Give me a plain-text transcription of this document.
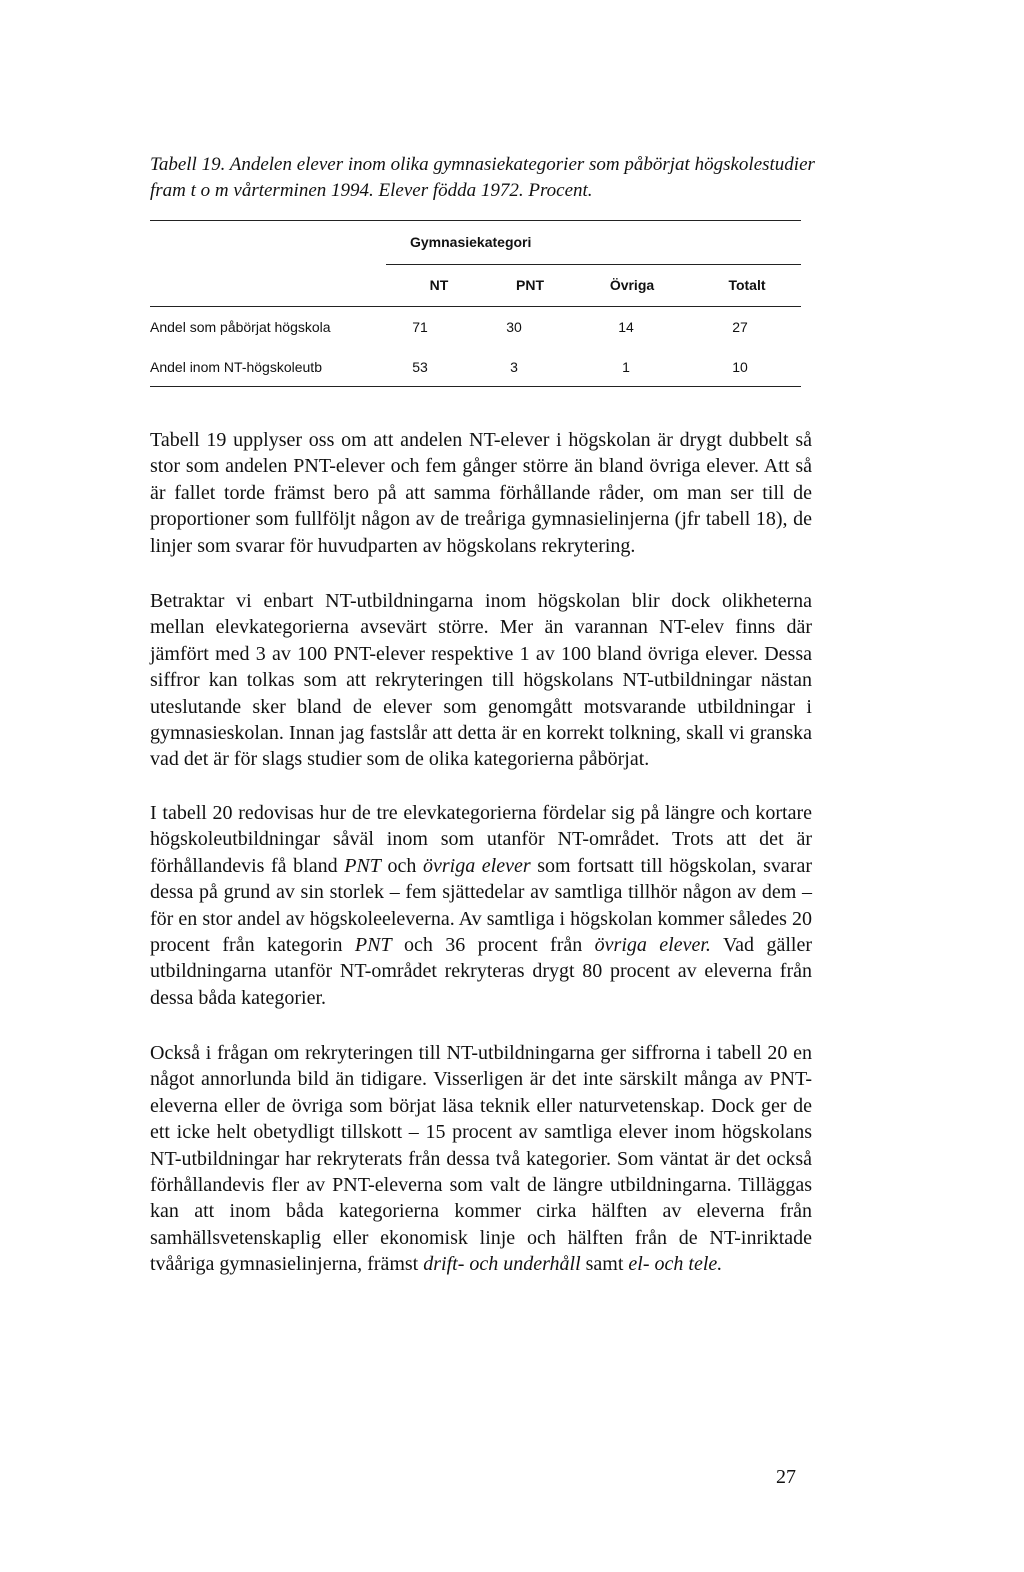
Tabell 19. Andelen elever inom olika gymnasiekategorier som påbörjat högskolestudier fram t o m vårterminen 1994. Elever födda 1972. Procent.

Gymnasiekategori

NT	PNT	Övriga	Totalt

Andel som påbörjat högskola	71	30	14	27

Andel inom NT-högskoleutb	53	3	1	10

Tabell 19 upplyser oss om att andelen NT-elever i högskolan är drygt dubbelt så stor som andelen PNT-elever och fem gånger större än bland övriga elever. Att så är fallet torde främst bero på att samma förhållande råder, om man ser till de proportioner som fullföljt någon av de treåriga gymnasielinjerna (jfr tabell 18), de linjer som svarar för huvudparten av högskolans rekrytering.

Betraktar vi enbart NT-utbildningarna inom högskolan blir dock olikheterna mellan elevkategorierna avsevärt större. Mer än varannan NT-elev finns där jämfört med 3 av 100 PNT-elever respektive 1 av 100 bland övriga elever. Dessa siffror kan tolkas som att rekryteringen till högskolans NT-utbildningar nästan uteslutande sker bland de elever som genomgått motsvarande utbildningar i gymnasieskolan. Innan jag fastslår att detta är en korrekt tolkning, skall vi granska vad det är för slags studier som de olika kategorierna påbörjat.

I tabell 20 redovisas hur de tre elevkategorierna fördelar sig på längre och kortare högskoleutbildningar såväl inom som utanför NT-området. Trots att det är förhållandevis få bland PNT och övriga elever som fortsatt till högskolan, svarar dessa på grund av sin storlek – fem sjättedelar av samtliga tillhör någon av dem – för en stor andel av högskoleeleverna. Av samtliga i högskolan kommer således 20 procent från kategorin PNT och 36 procent från övriga elever. Vad gäller utbildningarna utanför NT-området rekryteras drygt 80 procent av eleverna från dessa båda kategorier.

Också i frågan om rekryteringen till NT-utbildningarna ger siffrorna i tabell 20 en något annorlunda bild än tidigare. Visserligen är det inte särskilt många av PNT-eleverna eller de övriga som börjat läsa teknik eller naturvetenskap. Dock ger de ett icke helt obetydligt tillskott – 15 procent av samtliga elever inom högskolans NT-utbildningar har rekryterats från dessa två kategorier. Som väntat är det också förhållandevis fler av PNT-eleverna som valt de längre utbildningarna. Tilläggas kan att inom båda kategorierna kommer cirka hälften av eleverna från samhällsvetenskaplig eller ekonomisk linje och hälften från de NT-inriktade tvååriga gymnasielinjerna, främst drift- och underhåll samt el- och tele.

27
